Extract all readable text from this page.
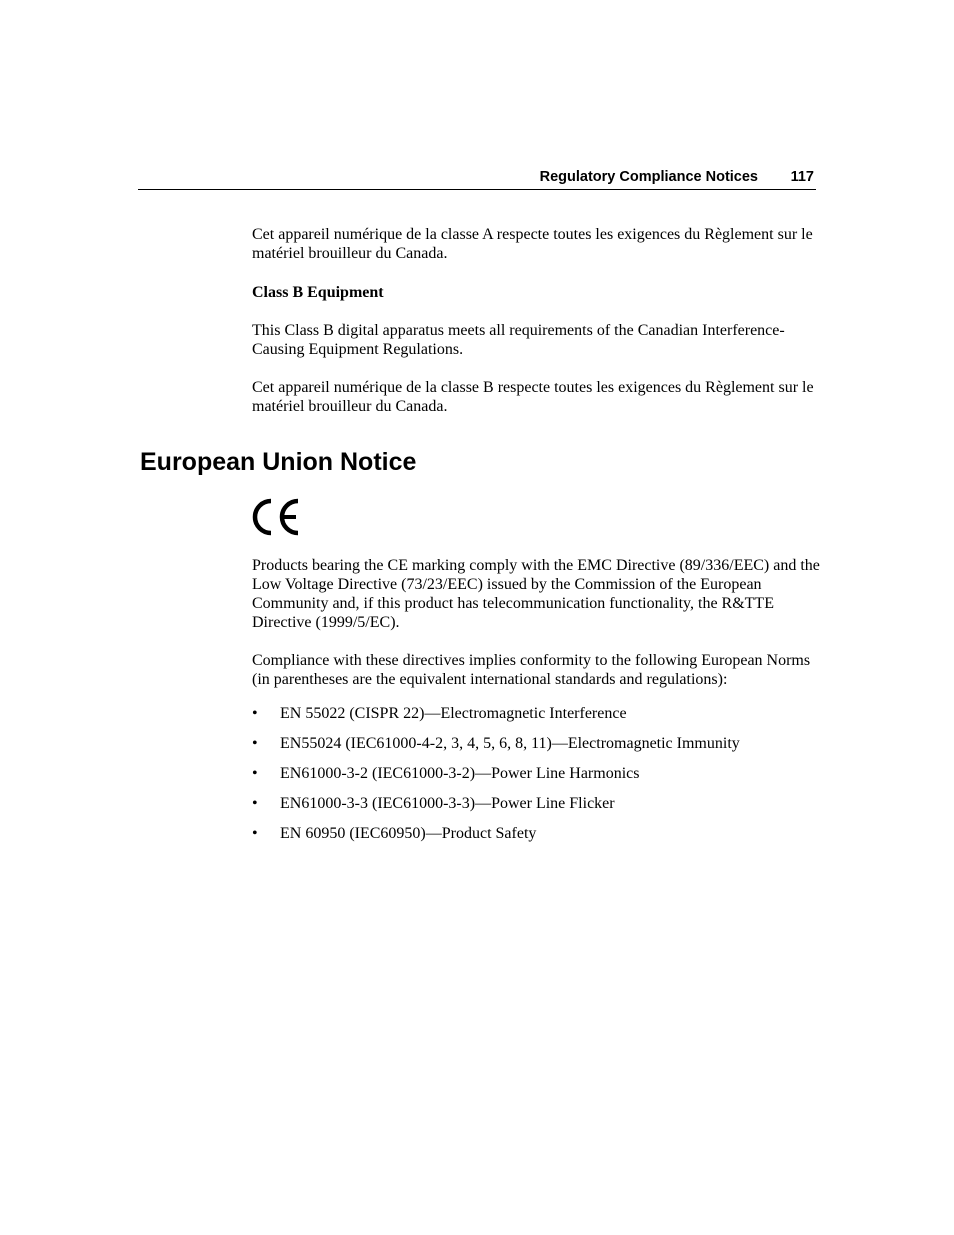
Regulatory Compliance Notices 117

Cet appareil numérique de la classe A respecte toutes les exigences du Règlement sur le matériel brouilleur du Canada.

Class B Equipment

This Class B digital apparatus meets all requirements of the Canadian Interference-Causing Equipment Regulations.

Cet appareil numérique de la classe B respecte toutes les exigences du Règlement sur le matériel brouilleur du Canada.

European Union Notice

Products bearing the CE marking comply with the EMC Directive (89/336/EEC) and the Low Voltage Directive (73/23/EEC) issued by the Commission of the European Community and, if this product has telecommunication functionality, the R&TTE Directive (1999/5/EC).

Compliance with these directives implies conformity to the following European Norms (in parentheses are the equivalent international standards and regulations):

• EN 55022 (CISPR 22)—Electromagnetic Interference
• EN55024 (IEC61000-4-2, 3, 4, 5, 6, 8, 11)—Electromagnetic Immunity
• EN61000-3-2 (IEC61000-3-2)—Power Line Harmonics
• EN61000-3-3 (IEC61000-3-3)—Power Line Flicker
• EN 60950 (IEC60950)—Product Safety
